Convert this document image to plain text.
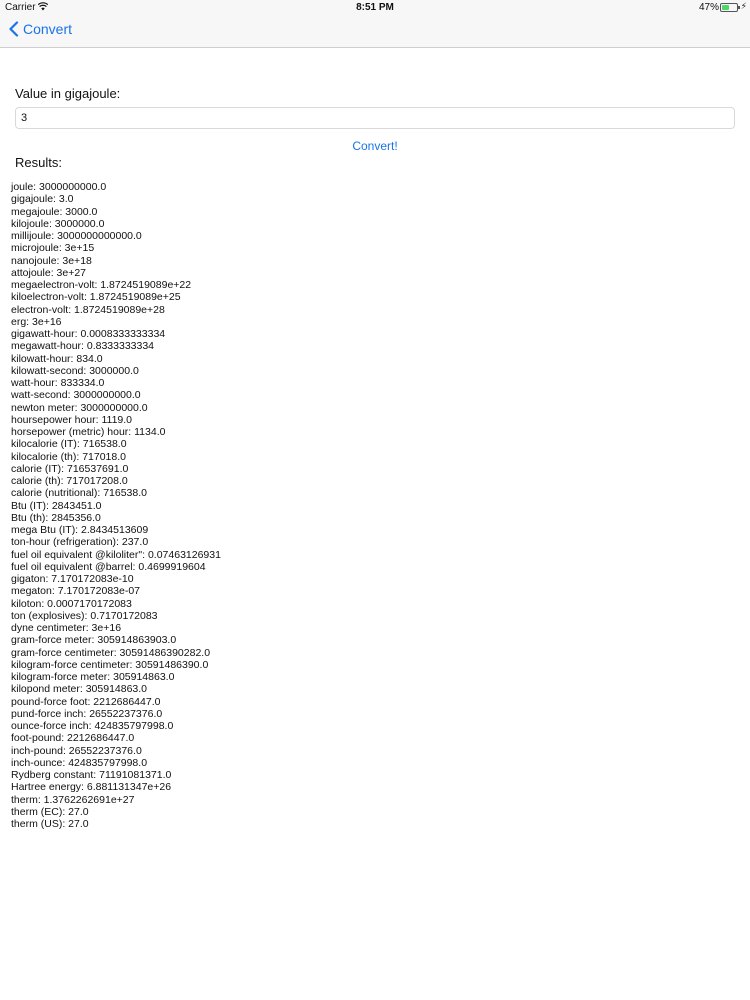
Carrier	8:51 PM	47% ⚡
Convert
Value in gigajoule:
3
Convert!
Results:
joule: 3000000000.0
gigajoule: 3.0
megajoule: 3000.0
kilojoule: 3000000.0
millijoule: 3000000000000.0
microjoule: 3e+15
nanojoule: 3e+18
attojoule: 3e+27
megaelectron-volt: 1.8724519089e+22
kiloelectron-volt: 1.8724519089e+25
electron-volt: 1.8724519089e+28
erg: 3e+16
gigawatt-hour: 0.0008333333334
megawatt-hour: 0.8333333334
kilowatt-hour: 834.0
kilowatt-second: 3000000.0
watt-hour: 833334.0
watt-second: 3000000000.0
newton meter: 3000000000.0
hoursepower hour: 1119.0
horsepower (metric) hour: 1134.0
kilocalorie (IT): 716538.0
kilocalorie (th): 717018.0
calorie (IT): 716537691.0
calorie (th): 717017208.0
calorie (nutritional): 716538.0
Btu (IT): 2843451.0
Btu (th): 2845356.0
mega Btu (IT): 2.8434513609
ton-hour (refrigeration): 237.0
fuel oil equivalent @kiloliter": 0.07463126931
fuel oil equivalent @barrel: 0.4699919604
gigaton: 7.170172083e-10
megaton: 7.170172083e-07
kiloton: 0.0007170172083
ton (explosives): 0.7170172083
dyne centimeter: 3e+16
gram-force meter: 305914863903.0
gram-force centimeter: 30591486390282.0
kilogram-force centimeter: 30591486390.0
kilogram-force meter: 305914863.0
kilopond meter: 305914863.0
pound-force foot: 2212686447.0
pund-force inch: 26552237376.0
ounce-force inch: 424835797998.0
foot-pound: 2212686447.0
inch-pound: 26552237376.0
inch-ounce: 424835797998.0
Rydberg constant: 71191081371.0
Hartree energy: 6.881131347e+26
therm: 1.3762262691e+27
therm (EC): 27.0
therm (US): 27.0
